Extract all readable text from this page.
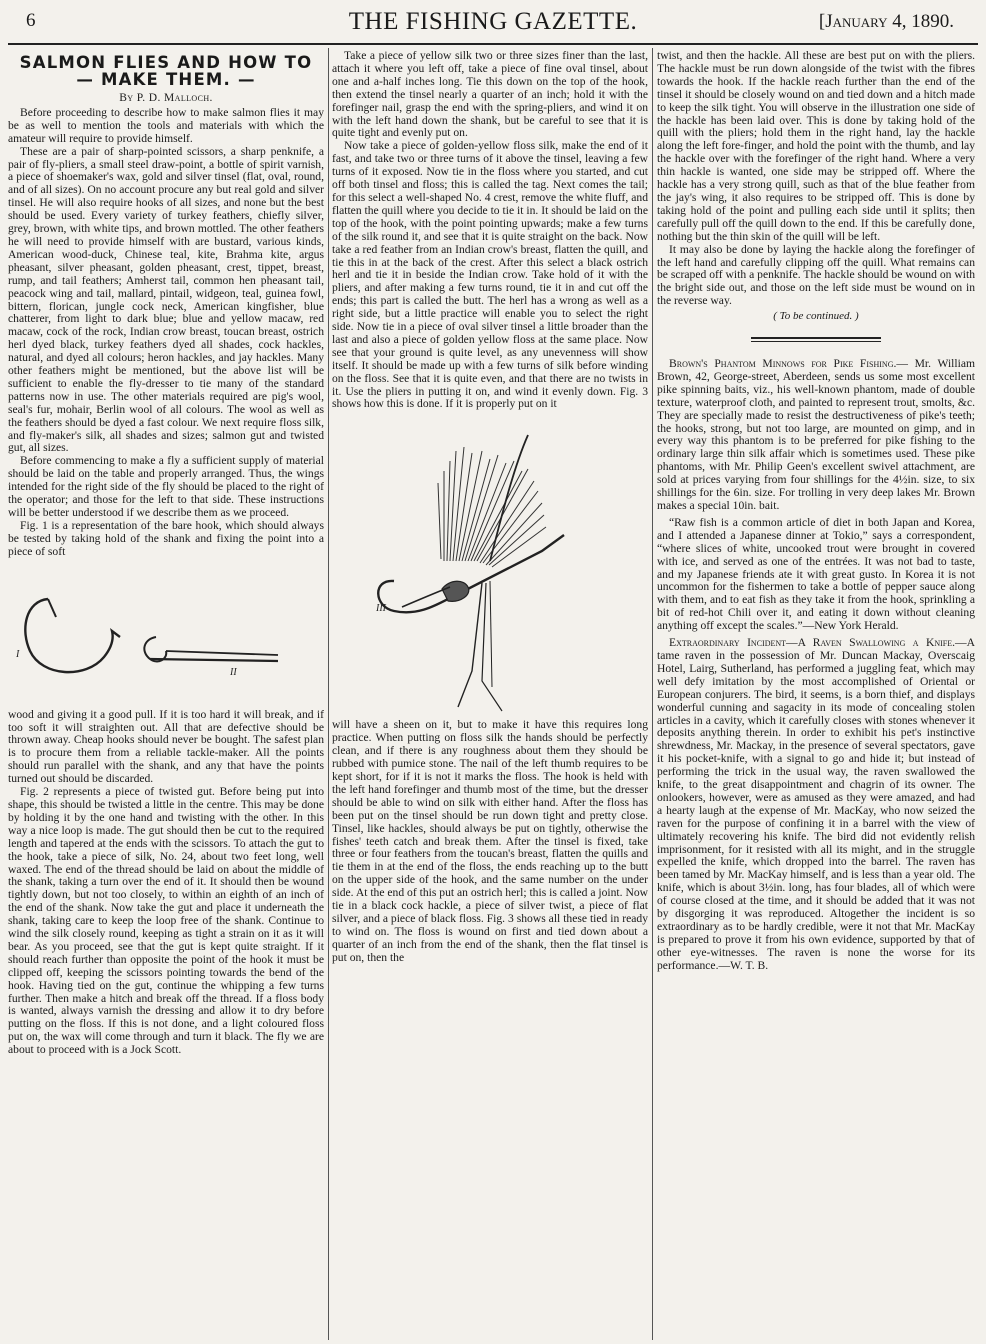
6	THE FISHING GAZETTE.	[January 4, 1890.
SALMON FLIES AND HOW TO
— MAKE THEM. —
By P. D. Malloch.

Before proceeding to describe how to make salmon flies it may be as well to mention the tools and materials with which the amateur will require to provide himself.

These are a pair of sharp-pointed scissors, a sharp penknife, a pair of fly-pliers, a small steel draw-point, a bottle of spirit varnish, a piece of shoemaker's wax, gold and silver tinsel (flat, oval, round, and of all sizes). On no account procure any but real gold and silver tinsel. He will also require hooks of all sizes, and none but the best should be used. Every variety of turkey feathers, chiefly silver, grey, brown, with white tips, and brown mottled. The other feathers he will need to provide himself with are bustard, various kinds, American wood-duck, Chinese teal, kite, Brahma kite, argus pheasant, silver pheasant, golden pheasant, crest, tippet, breast, rump, and tail feathers; Amherst tail, common hen pheasant tail, peacock wing and tail, mallard, pintail, widgeon, teal, guinea fowl, bittern, florican, jungle cock neck, American kingfisher, blue chatterer, from light to dark blue; blue and yellow macaw, red macaw, cock of the rock, Indian crow breast, toucan breast, ostrich herl dyed black, turkey feathers dyed all shades, cock hackles, natural, and dyed all colours; heron hackles, and jay hackles. Many other feathers might be mentioned, but the above list will be sufficient to enable the fly-dresser to tie many of the standard patterns now in use. The other materials required are pig's wool, seal's fur, mohair, Berlin wool of all colours. The wool as well as the feathers should be dyed a fast colour. We next require floss silk, and fly-maker's silk, all shades and sizes; salmon gut and twisted gut, all sizes.

Before commencing to make a fly a sufficient supply of material should be laid on the table and properly arranged. Thus, the wings intended for the right side of the fly should be placed to the right of the operator; and those for the left to that side. These instructions will be better understood if we describe them as we proceed.

Fig. 1 is a representation of the bare hook, which should always be tested by taking hold of the shank and fixing the point into a piece of soft

I
II

wood and giving it a good pull. If it is too hard it will break, and if too soft it will straighten out. All that are defective should be thrown away. Cheap hooks should never be bought. The safest plan is to procure them from a reliable tackle-maker. All the points should run parallel with the shank, and any that have the points turned out should be discarded.

Fig. 2 represents a piece of twisted gut. Before being put into shape, this should be twisted a little in the centre. This may be done by holding it by the one hand and twisting with the other. In this way a nice loop is made. The gut should then be cut to the required length and tapered at the ends with the scissors. To attach the gut to the hook, take a piece of silk, No. 24, about two feet long, well waxed. The end of the thread should be laid on about the middle of the shank, taking a turn over the end of it. It should then be wound tightly down, but not too closely, to within an eighth of an inch of the end of the shank. Now take the gut and place it underneath the shank, taking care to keep the loop free of the shank. Continue to wind the silk closely round, keeping as tight a strain on it as it will bear. As you proceed, see that the gut is kept quite straight. If it should reach further than opposite the point of the hook it must be clipped off, keeping the scissors pointing towards the bend of the hook. Having tied on the gut, continue the whipping a few turns further. Then make a hitch and break off the thread. If a floss body is wanted, always varnish the dressing and allow it to dry before putting on the floss. If this is not done, and a light coloured floss put on, the wax will come through and turn it black. The fly we are about to proceed with is a Jock Scott.

Take a piece of yellow silk two or three sizes finer than the last, attach it where you left off, take a piece of fine oval tinsel, about one and a-half inches long. Tie this down on the top of the hook, then extend the tinsel nearly a quarter of an inch; hold it with the forefinger nail, grasp the end with the spring-pliers, and wind it on with the left hand down the shank, but be careful to see that it is quite tight and evenly put on.

Now take a piece of golden-yellow floss silk, make the end of it fast, and take two or three turns of it above the tinsel, leaving a few turns of it exposed. Now tie in the floss where you started, and cut off both tinsel and floss; this is called the tag. Next comes the tail; for this select a well-shaped No. 4 crest, remove the white fluff, and flatten the quill where you decide to tie it in. It should be laid on the top of the hook, with the point pointing upwards; make a few turns of the silk round it, and see that it is quite straight on the back. Now take a red feather from an Indian crow's breast, flatten the quill, and tie this in at the back of the crest. After this select a black ostrich herl and tie it in beside the Indian crow. Take hold of it with the pliers, and after making a few turns round, tie it in and cut off the ends; this part is called the butt. The herl has a wrong as well as a right side, but a little practice will enable you to select the right side. Now tie in a piece of oval silver tinsel a little broader than the last and also a piece of golden yellow floss at the same place. Now see that your ground is quite level, as any unevenness will show itself. It should be made up with a few turns of silk before winding on the floss. See that it is quite even, and that there are no twists in it. Use the pliers in putting it on, and wind it evenly down. Fig. 3 shows how this is done. If it is properly put on it

III

will have a sheen on it, but to make it have this requires long practice. When putting on floss silk the hands should be perfectly clean, and if there is any roughness about them they should be rubbed with pumice stone. The nail of the left thumb requires to be kept short, for if it is not it marks the floss. The hook is held with the left hand forefinger and thumb most of the time, but the dresser should be able to wind on silk with either hand. After the floss has been put on the tinsel should be run down tight and pretty close. Tinsel, like hackles, should always be put on tightly, otherwise the fishes' teeth catch and break them. After the tinsel is fixed, take three or four feathers from the toucan's breast, flatten the quills and tie them in at the end of the floss, the ends reaching up to the butt on the upper side of the hook, and the same number on the under side. At the end of this put an ostrich herl; this is called a joint. Now tie in a black cock hackle, a piece of silver twist, a piece of flat silver, and a piece of black floss. Fig. 3 shows all these tied in ready to wind on. The floss is wound on first and tied down about a quarter of an inch from the end of the shank, then the flat tinsel is put on, then the

twist, and then the hackle. All these are best put on with the pliers. The hackle must be run down alongside of the twist with the fibres towards the hook. If the hackle reach further than the end of the tinsel it should be closely wound on and tied down and a hitch made to keep the silk tight. You will observe in the illustration one side of the hackle has been laid over. This is done by taking hold of the quill with the pliers; hold them in the right hand, lay the hackle along the left fore-finger, and hold the point with the thumb, and lay the hackle over with the forefinger of the right hand. Where a very thin hackle is wanted, one side may be stripped off. Where the hackle has a very strong quill, such as that of the blue feather from the jay's wing, it also requires to be stripped off. This is done by taking hold of the point and pulling each side until it splits; then carefully pull off the quill down to the end. If this be carefully done, nothing but the thin skin of the quill will be left.

It may also be done by laying the hackle along the forefinger of the left hand and carefully clipping off the quill. What remains can be scraped off with a penknife. The hackle should be wound on with the bright side out, and those on the left side must be wound on in the reverse way.

( To be continued. )

Brown's Phantom Minnows for Pike Fishing.— Mr. William Brown, 42, George-street, Aberdeen, sends us some most excellent pike spinning baits, viz., his well-known phantom, made of double texture, waterproof cloth, and painted to represent trout, smolts, &c. They are specially made to resist the destructiveness of pike's teeth; the hooks, strong, but not too large, are mounted on gimp, and in every way this phantom is to be preferred for pike fishing to the ordinary large thin silk affair which is sometimes used. These pike phantoms, with Mr. Philip Geen's excellent swivel attachment, are sold at prices varying from four shillings for the 4½in. size, to six shillings for the 6in. size. For trolling in very deep lakes Mr. Brown makes a special 10in. bait.

“Raw fish is a common article of diet in both Japan and Korea, and I attended a Japanese dinner at Tokio,” says a correspondent, “where slices of white, uncooked trout were brought in covered with ice, and served as one of the entrées. It was not bad to taste, and my Japanese friends ate it with great gusto. In Korea it is not uncommon for the fishermen to take a bottle of pepper sauce along with them, and to eat fish as they take it from the hook, sprinkling a bit of red-hot Chili over it, and eating it down without cleaning anything off except the scales.”—New York Herald.

Extraordinary Incident—A Raven Swallowing a Knife.—A tame raven in the possession of Mr. Duncan Mackay, Overscaig Hotel, Lairg, Sutherland, has performed a juggling feat, which may well defy imitation by the most accomplished of Oriental or European conjurers. The bird, it seems, is a born thief, and displays wonderful cunning and sagacity in its mode of concealing stolen articles in a cavity, which it carefully closes with stones whenever it deposits anything therein. In order to exhibit his pet's instinctive shrewdness, Mr. Mackay, in the presence of several spectators, gave it his pocket-knife, with a signal to go and hide it; but instead of performing the trick in the usual way, the raven swallowed the knife, to the great disappointment and chagrin of its owner. The onlookers, however, were as amused as they were amazed, and had a hearty laugh at the expense of Mr. MacKay, who now seized the raven for the purpose of confining it in a barrel with the view of ultimately recovering his knife. The bird did not evidently relish imprisonment, for it resisted with all its might, and in the struggle expelled the knife, which dropped into the barrel. The raven has been tamed by Mr. MacKay himself, and is less than a year old. The knife, which is about 3½in. long, has four blades, all of which were of course closed at the time, and it should be added that it was not by disgorging it was reproduced. Altogether the incident is so extraordinary as to be hardly credible, were it not that Mr. MacKay is prepared to prove it from his own evidence, supported by that of other eye-witnesses. The raven is none the worse for its performance.—W. T. B.
